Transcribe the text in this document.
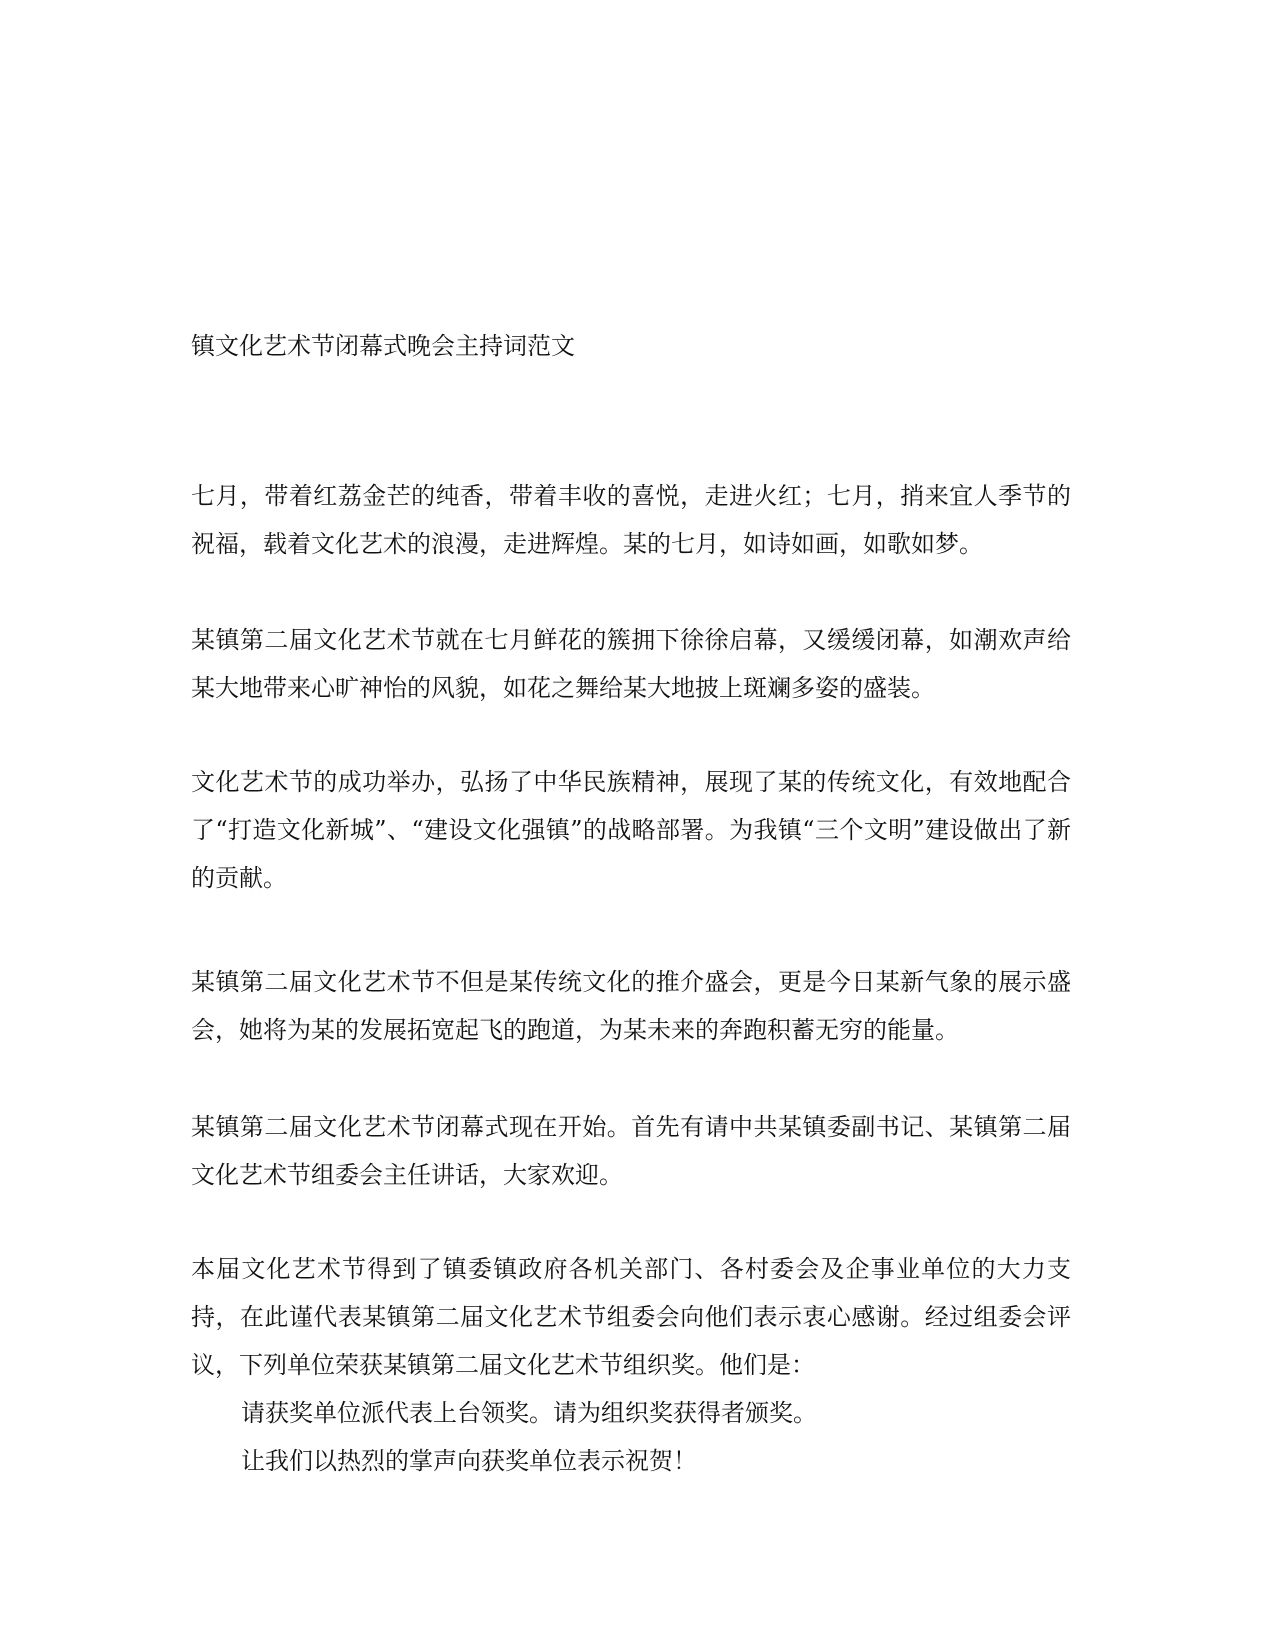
镇文化艺术节闭幕式晚会主持词范文
七月，带着红荔金芒的纯香，带着丰收的喜悦，走进火红；七月，捎来宜人季节的祝福，载着文化艺术的浪漫，走进辉煌。某的七月，如诗如画，如歌如梦。
某镇第二届文化艺术节就在七月鲜花的簇拥下徐徐启幕，又缓缓闭幕，如潮欢声给某大地带来心旷神怡的风貌，如花之舞给某大地披上斑斓多姿的盛装。
文化艺术节的成功举办，弘扬了中华民族精神，展现了某的传统文化，有效地配合了“打造文化新城”、“建设文化强镇”的战略部署。为我镇“三个文明”建设做出了新的贡献。
某镇第二届文化艺术节不但是某传统文化的推介盛会，更是今日某新气象的展示盛会，她将为某的发展拓宽起飞的跑道，为某未来的奔跑积蓄无穷的能量。
某镇第二届文化艺术节闭幕式现在开始。首先有请中共某镇委副书记、某镇第二届文化艺术节组委会主任讲话，大家欢迎。
本届文化艺术节得到了镇委镇政府各机关部门、各村委会及企事业单位的大力支持，在此谨代表某镇第二届文化艺术节组委会向他们表示衷心感谢。经过组委会评议，下列单位荣获某镇第二届文化艺术节组织奖。他们是：
请获奖单位派代表上台领奖。请为组织奖获得者颁奖。
让我们以热烈的掌声向获奖单位表示祝贺！
